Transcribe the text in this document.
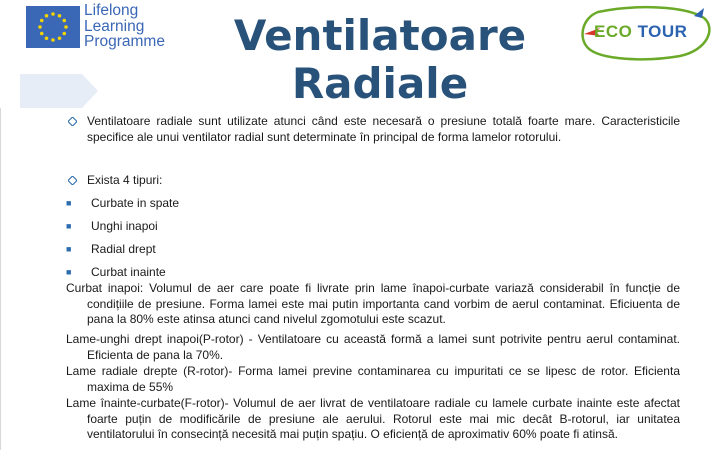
Lifelong
Learning
Programme	Ventilatoare
Radiale
ECO TOUR
Ventilatoare radiale sunt utilizate atunci când este necesară o presiune totală foarte mare. Caracteristicile specifice ale unui ventilator radial sunt determinate în principal de forma lamelor rotorului.
Exista 4 tipuri:
■ Curbate in spate
■ Unghi inapoi
■ Radial drept
■ Curbat inainte
Curbat inapoi: Volumul de aer care poate fi livrate prin lame înapoi-curbate variază considerabil în funcție de condițiile de presiune. Forma lamei este mai putin importanta cand vorbim de aerul contaminat. Eficiuenta de pana la 80% este atinsa atunci cand nivelul zgomotului este scazut.
Lame-unghi drept inapoi(P-rotor) - Ventilatoare cu această formă a lamei sunt potrivite pentru aerul contaminat. Eficienta de pana la 70%.
Lame radiale drepte (R-rotor)- Forma lamei previne contaminarea cu impuritati ce se lipesc de rotor. Eficienta maxima de 55%
Lame înainte-curbate(F-rotor)- Volumul de aer livrat de ventilatoare radiale cu lamele curbate inainte este afectat foarte puțin de modificările de presiune ale aerului. Rotorul este mai mic decât B-rotorul, iar unitatea ventilatorului în consecință necesită mai puțin spațiu. O eficiență de aproximativ 60% poate fi atinsă.
